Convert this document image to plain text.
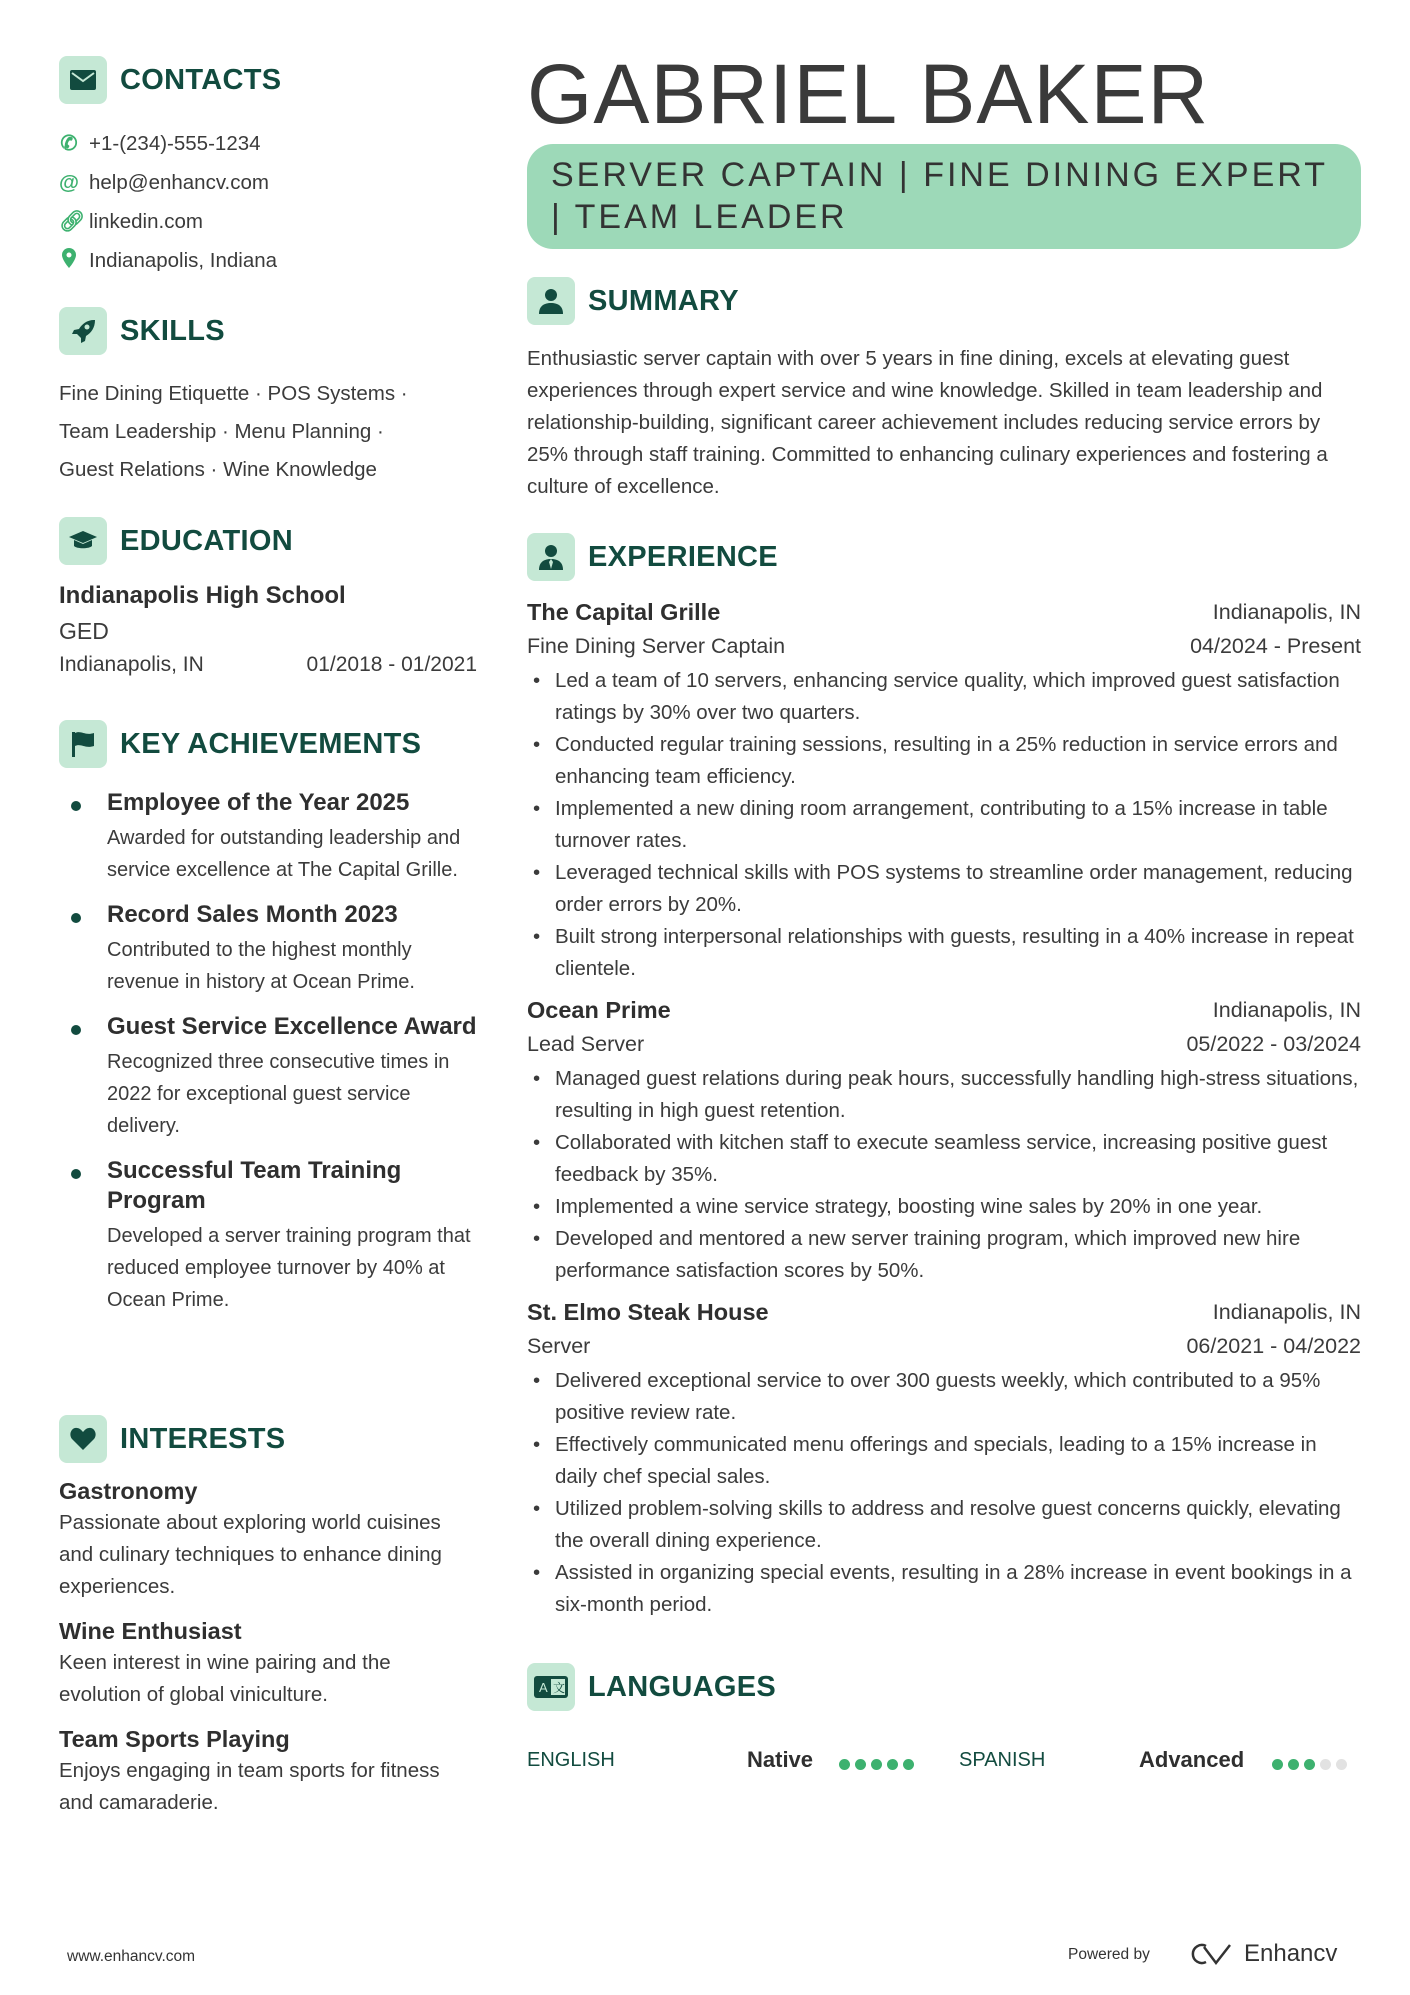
CONTACTS
✆ +1-(234)-555-1234
@ help@enhancv.com
🔗︎ linkedin.com
Indianapolis, Indiana
SKILLS
Fine Dining Etiquette · POS Systems ·
Team Leadership · Menu Planning ·
Guest Relations · Wine Knowledge
EDUCATION
Indianapolis High School
GED
Indianapolis, IN	01/2018 - 01/2021
KEY ACHIEVEMENTS
Employee of the Year 2025
Awarded for outstanding leadership and service excellence at The Capital Grille.
Record Sales Month 2023
Contributed to the highest monthly revenue in history at Ocean Prime.
Guest Service Excellence Award
Recognized three consecutive times in 2022 for exceptional guest service delivery.
Successful Team Training Program
Developed a server training program that reduced employee turnover by 40% at Ocean Prime.
INTERESTS
Gastronomy
Passionate about exploring world cuisines and culinary techniques to enhance dining experiences.
Wine Enthusiast
Keen interest in wine pairing and the evolution of global viniculture.
Team Sports Playing
Enjoys engaging in team sports for fitness and camaraderie.
GABRIEL BAKER
SERVER CAPTAIN | FINE DINING EXPERT | TEAM LEADER
SUMMARY
Enthusiastic server captain with over 5 years in fine dining, excels at elevating guest experiences through expert service and wine knowledge. Skilled in team leadership and relationship-building, significant career achievement includes reducing service errors by 25% through staff training. Committed to enhancing culinary experiences and fostering a culture of excellence.
EXPERIENCE
The Capital Grille	Indianapolis, IN
Fine Dining Server Captain	04/2024 - Present
• Led a team of 10 servers, enhancing service quality, which improved guest satisfaction ratings by 30% over two quarters.
• Conducted regular training sessions, resulting in a 25% reduction in service errors and enhancing team efficiency.
• Implemented a new dining room arrangement, contributing to a 15% increase in table turnover rates.
• Leveraged technical skills with POS systems to streamline order management, reducing order errors by 20%.
• Built strong interpersonal relationships with guests, resulting in a 40% increase in repeat clientele.
Ocean Prime	Indianapolis, IN
Lead Server	05/2022 - 03/2024
• Managed guest relations during peak hours, successfully handling high-stress situations, resulting in high guest retention.
• Collaborated with kitchen staff to execute seamless service, increasing positive guest feedback by 35%.
• Implemented a wine service strategy, boosting wine sales by 20% in one year.
• Developed and mentored a new server training program, which improved new hire performance satisfaction scores by 50%.
St. Elmo Steak House	Indianapolis, IN
Server	06/2021 - 04/2022
• Delivered exceptional service to over 300 guests weekly, which contributed to a 95% positive review rate.
• Effectively communicated menu offerings and specials, leading to a 15% increase in daily chef special sales.
• Utilized problem-solving skills to address and resolve guest concerns quickly, elevating the overall dining experience.
• Assisted in organizing special events, resulting in a 28% increase in event bookings in a six-month period.
A 文 LANGUAGES
ENGLISH	Native	SPANISH	Advanced
www.enhancv.com	Powered by	Enhancv
